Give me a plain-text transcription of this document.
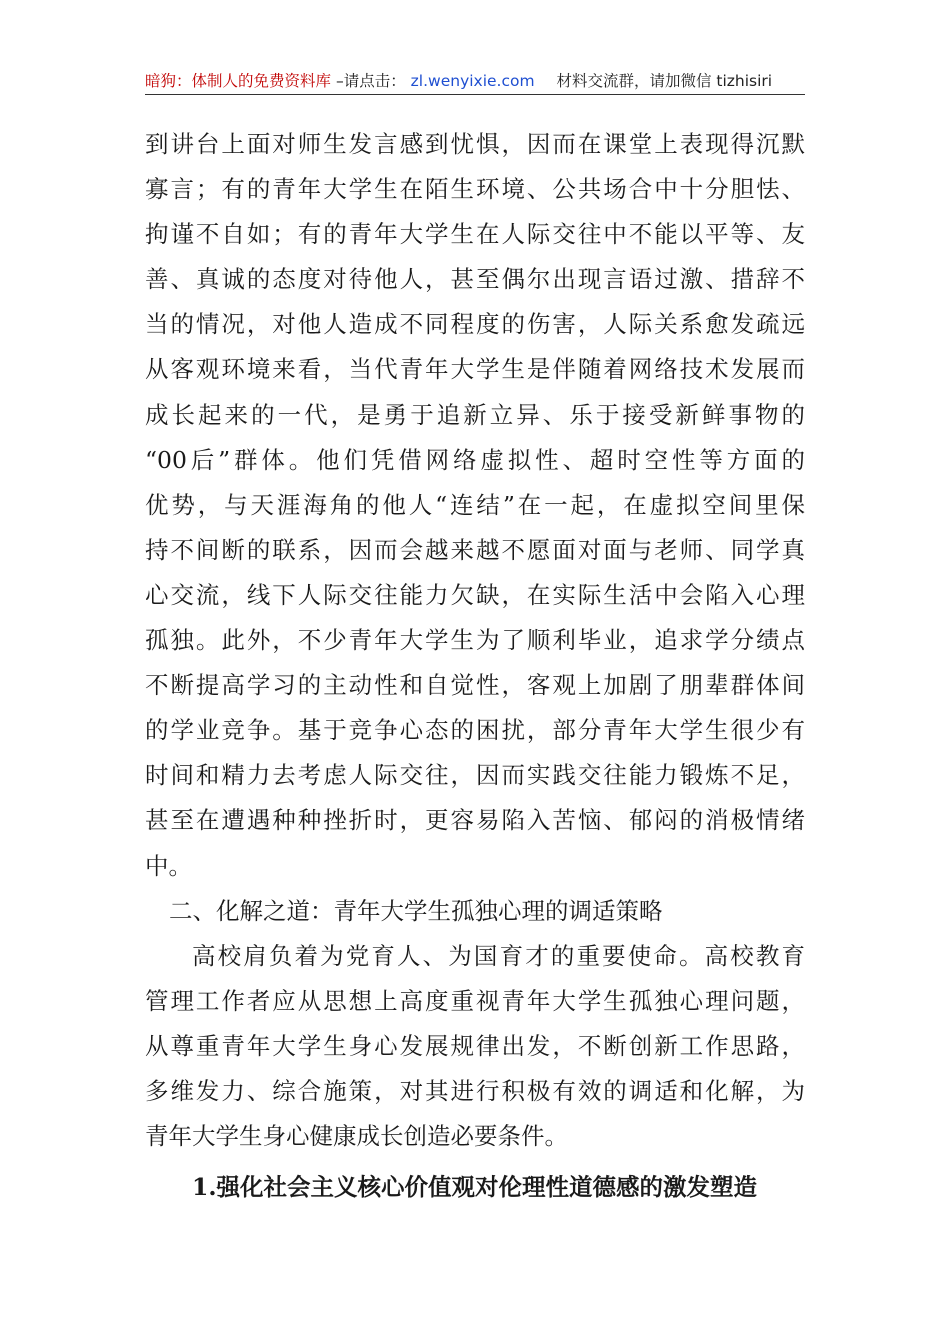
暗狗：体制人的免费资料库 –请点击： zl.wenyixie.com 材料交流群，请加微信 tizhisiri
到讲台上面对师生发言感到忧惧，因而在课堂上表现得沉默
寡言；有的青年大学生在陌生环境、公共场合中十分胆怯、
拘谨不自如；有的青年大学生在人际交往中不能以平等、友
善、真诚的态度对待他人，甚至偶尔出现言语过激、措辞不
当的情况，对他人造成不同程度的伤害，人际关系愈发疏远
从客观环境来看，当代青年大学生是伴随着网络技术发展而
成长起来的一代，是勇于追新立异、乐于接受新鲜事物的
“00后”群体。他们凭借网络虚拟性、超时空性等方面的
优势，与天涯海角的他人“连结”在一起，在虚拟空间里保
持不间断的联系，因而会越来越不愿面对面与老师、同学真
心交流，线下人际交往能力欠缺，在实际生活中会陷入心理
孤独。此外，不少青年大学生为了顺利毕业，追求学分绩点
不断提高学习的主动性和自觉性，客观上加剧了朋辈群体间
的学业竞争。基于竞争心态的困扰，部分青年大学生很少有
时间和精力去考虑人际交往，因而实践交往能力锻炼不足，
甚至在遭遇种种挫折时，更容易陷入苦恼、郁闷的消极情绪
中。
二、化解之道：青年大学生孤独心理的调适策略
高校肩负着为党育人、为国育才的重要使命。高校教育
管理工作者应从思想上高度重视青年大学生孤独心理问题，
从尊重青年大学生身心发展规律出发，不断创新工作思路，
多维发力、综合施策，对其进行积极有效的调适和化解，为
青年大学生身心健康成长创造必要条件。
1.强化社会主义核心价值观对伦理性道德感的激发塑造
